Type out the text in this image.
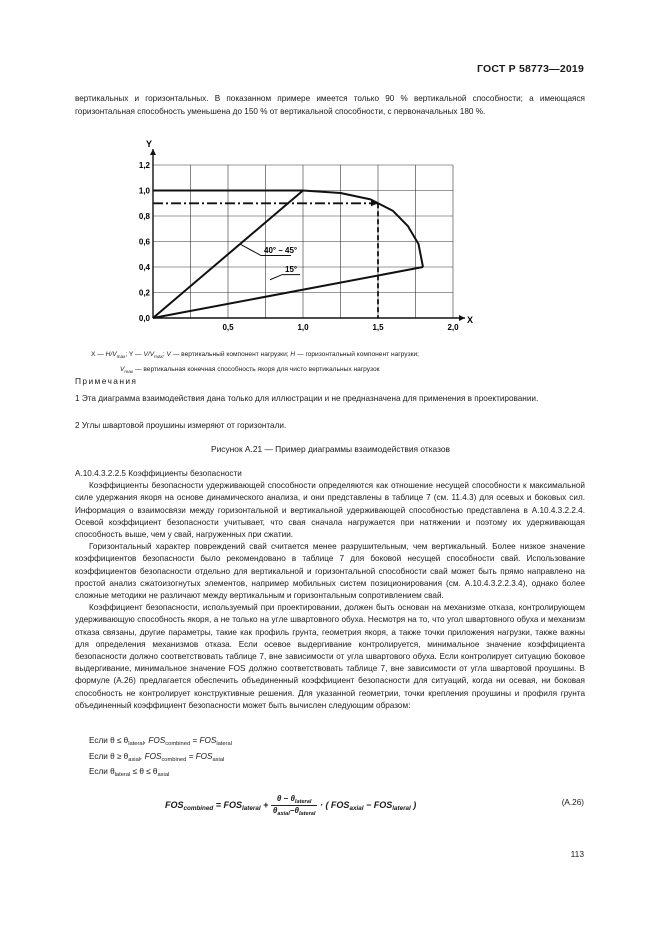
ГОСТ Р 58773—2019
вертикальных и горизонтальных. В показанном примере имеется только 90 % вертикальной способности; а имеющаяся горизонтальная способность уменьшена до 150 % от вертикальной способности, с первоначальных 180 %.
X
Y
0,5	1,0	1,5	2,0
0,0
0,2
0,4
0,6
0,8
1,0
1,2
40° – 45°
15°
X — $H/V_{max}$; Y — $V/V_{max}$; V — вертикальный компонент нагрузки; H — горизонтальный компонент нагрузки;
$V_{max}$ — вертикальная конечная способность якоря для чисто вертикальных нагрузок
Примечания
1 Эта диаграмма взаимодействия дана только для иллюстрации и не предназначена для применения в проектировании.
2 Углы швартовой проушины измеряют от горизонтали.
Рисунок А.21 — Пример диаграммы взаимодействия отказов

А.10.4.3.2.2.5 Коэффициенты безопасности

Коэффициенты безопасности удерживающей способности определяются как отношение несущей способности к максимальной силе удержания якоря на основе динамического анализа, и они представлены в таблице 7 (см. 11.4.3) для осевых и боковых сил. Информация о взаимосвязи между горизонтальной и вертикальной удерживающей способностью представлена в А.10.4.3.2.2.4. Осевой коэффициент безопасности учитывает, что свая сначала нагружается при натяжении и поэтому их удерживающая способность выше, чем у свай, нагруженных при сжатии.

Горизонтальный характер повреждений свай считается менее разрушительным, чем вертикальный. Более низкое значение коэффициентов безопасности было рекомендовано в таблице 7 для боковой несущей способности свай. Использование коэффициентов безопасности отдельно для вертикальной и горизонтальной способности свай может быть прямо направлено на простой анализ сжатоизогнутых элементов, например мобильных систем позиционирования (см. А.10.4.3.2.2.3.4), однако более сложные методики не различают между вертикальным и горизонтальным сопротивлением свай.

Коэффициент безопасности, используемый при проектировании, должен быть основан на механизме отказа, контролирующем удерживающую способность якоря, а не только на угле швартовного обуха. Несмотря на то, что угол швартовного обуха и механизм отказа связаны, другие параметры, такие как профиль грунта, геометрия якоря, а также точки приложения нагрузки, также важны для определения механизмов отказа. Если осевое выдергивание контролируется, минимальное значение коэффициента безопасности должно соответствовать таблице 7, вне зависимости от угла швартового обуха. Если контролирует ситуацию боковое выдергивание, минимальное значение FOS должно соответствовать таблице 7, вне зависимости от угла швартовой проушины. В формуле (А.26) предлагается обеспечить объединенный коэффициент безопасности для ситуаций, когда ни осевая, ни боковая способность не контролирует конструктивные решения. Для указанной геометрии, точки крепления проушины и профиля грунта объединенный коэффициент безопасности может быть вычислен следующим образом:

Если $\theta \le \theta_{lateral}$, $FOS_{combined} = FOS_{lateral}$
Если $\theta \ge \theta_{axial}$, $FOS_{combined} = FOS_{axial}$
Если $\theta_{lateral} \le \theta \le \theta_{axial}$
$FOS_{combined} = FOS_{lateral}$ +
$\theta - \theta_{lateral}$
$\theta_{axial}-\theta_{lateral}$
· ( $FOS_{axial} - FOS_{lateral}$ )	(А.26)
113
